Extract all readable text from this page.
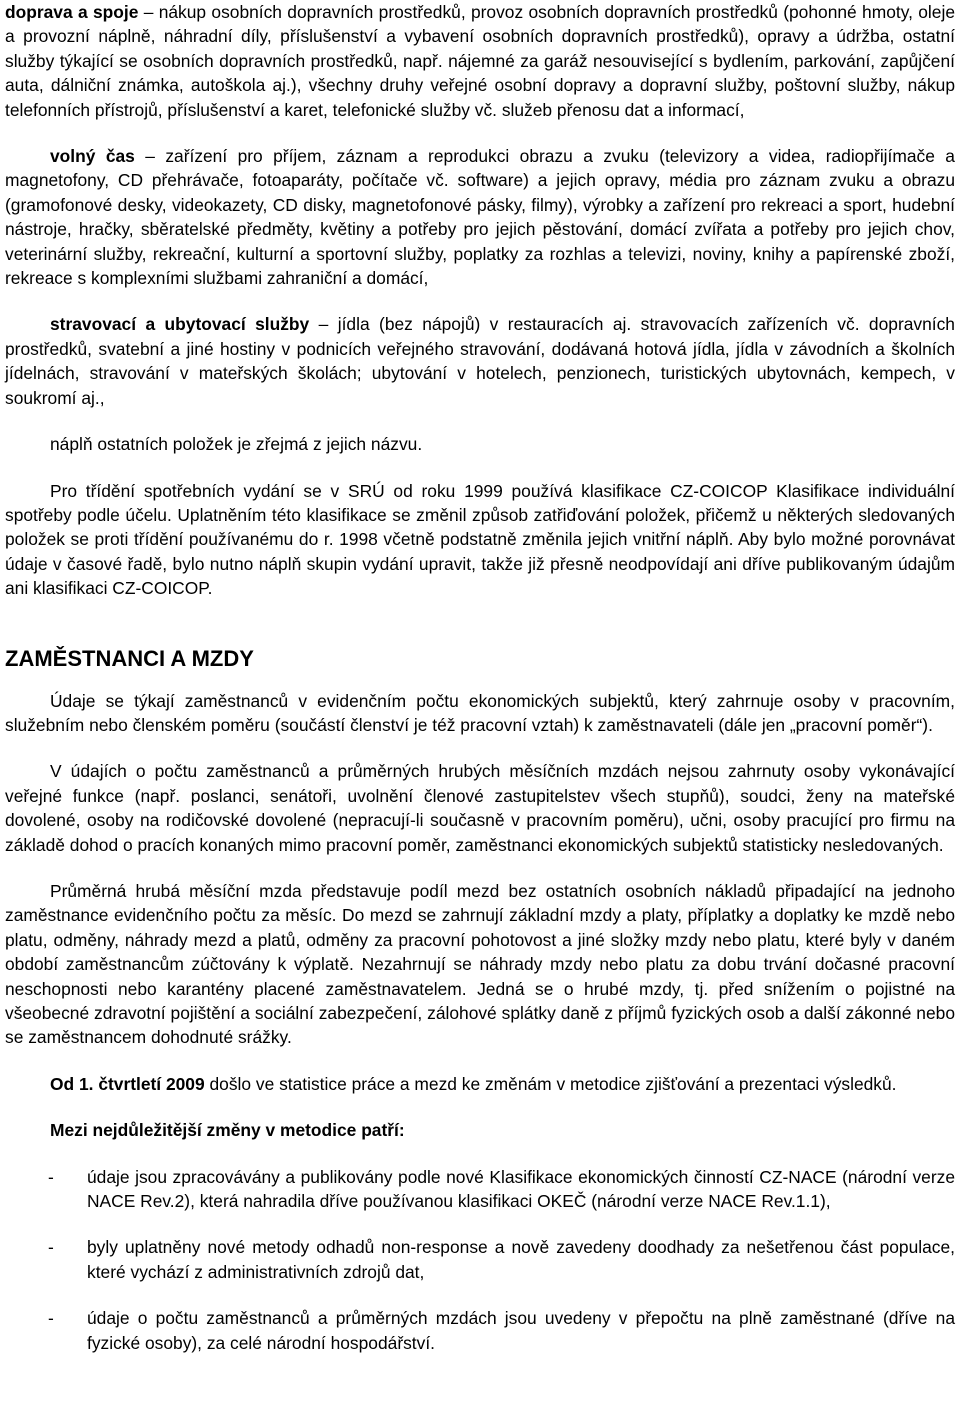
doprava a spoje – nákup osobních dopravních prostředků, provoz osobních dopravních prostředků (pohonné hmoty, oleje a provozní náplně, náhradní díly, příslušenství a vybavení osobních dopravních prostředků), opravy a údržba, ostatní služby týkající se osobních dopravních prostředků, např. nájemné za garáž nesouvisející s bydlením, parkování, zapůjčení auta, dálniční známka, autoškola aj.), všechny druhy veřejné osobní dopravy a dopravní služby, poštovní služby, nákup telefonních přístrojů, příslušenství a karet, telefonické služby vč. služeb přenosu dat a informací,

volný čas – zařízení pro příjem, záznam a reprodukci obrazu a zvuku (televizory a videa, radiopřijímače a magnetofony, CD přehrávače, fotoaparáty, počítače vč. software) a jejich opravy, média pro záznam zvuku a obrazu (gramofonové desky, videokazety, CD disky, magnetofonové pásky, filmy), výrobky a zařízení pro rekreaci a sport, hudební nástroje, hračky, sběratelské předměty, květiny a potřeby pro jejich pěstování, domácí zvířata a potřeby pro jejich chov, veterinární služby, rekreační, kulturní a sportovní služby, poplatky za rozhlas a televizi, noviny, knihy a papírenské zboží, rekreace s komplexními službami zahraniční a domácí,

stravovací a ubytovací služby – jídla (bez nápojů) v restauracích aj. stravovacích zařízeních vč. dopravních prostředků, svatební a jiné hostiny v podnicích veřejného stravování, dodávaná hotová jídla, jídla v závodních a školních jídelnách, stravování v mateřských školách; ubytování v hotelech, penzionech, turistických ubytovnách, kempech, v soukromí aj.,

náplň ostatních položek je zřejmá z jejich názvu.

Pro třídění spotřebních vydání se v SRÚ od roku 1999 používá klasifikace CZ-COICOP Klasifikace individuální spotřeby podle účelu. Uplatněním této klasifikace se změnil způsob zatřiďování položek, přičemž u některých sledovaných položek se proti třídění používanému do r. 1998 včetně podstatně změnila jejich vnitřní náplň. Aby bylo možné porovnávat údaje v časové řadě, bylo nutno náplň skupin vydání upravit, takže již přesně neodpovídají ani dříve publikovaným údajům ani klasifikaci CZ-COICOP.

ZAMĚSTNANCI A MZDY

Údaje se týkají zaměstnanců v evidenčním počtu ekonomických subjektů, který zahrnuje osoby v pracovním, služebním nebo členském poměru (součástí členství je též pracovní vztah) k zaměstnavateli (dále jen „pracovní poměr“).

V údajích o počtu zaměstnanců a průměrných hrubých měsíčních mzdách nejsou zahrnuty osoby vykonávající veřejné funkce (např. poslanci, senátoři, uvolnění členové zastupitelstev všech stupňů), soudci, ženy na mateřské dovolené, osoby na rodičovské dovolené (nepracují-li současně v pracovním poměru), učni, osoby pracující pro firmu na základě dohod o pracích konaných mimo pracovní poměr, zaměstnanci ekonomických subjektů statisticky nesledovaných.

Průměrná hrubá měsíční mzda představuje podíl mezd bez ostatních osobních nákladů připadající na jednoho zaměstnance evidenčního počtu za měsíc. Do mezd se zahrnují základní mzdy a platy, příplatky a doplatky ke mzdě nebo platu, odměny, náhrady mezd a platů, odměny za pracovní pohotovost a jiné složky mzdy nebo platu, které byly v daném období zaměstnancům zúčtovány k výplatě. Nezahrnují se náhrady mzdy nebo platu za dobu trvání dočasné pracovní neschopnosti nebo karantény placené zaměstnavatelem. Jedná se o hrubé mzdy, tj. před snížením o pojistné na všeobecné zdravotní pojištění a sociální zabezpečení, zálohové splátky daně z příjmů fyzických osob a další zákonné nebo se zaměstnancem dohodnuté srážky.

Od 1. čtvrtletí 2009 došlo ve statistice práce a mezd ke změnám v metodice zjišťování a prezentaci výsledků.

Mezi nejdůležitější změny v metodice patří:

- údaje jsou zpracovávány a publikovány podle nové Klasifikace ekonomických činností CZ-NACE (národní verze NACE Rev.2), která nahradila dříve používanou klasifikaci OKEČ (národní verze NACE Rev.1.1),
- byly uplatněny nové metody odhadů non-response a nově zavedeny doodhady za nešetřenou část populace, které vychází z administrativních zdrojů dat,
- údaje o počtu zaměstnanců a průměrných mzdách jsou uvedeny v přepočtu na plně zaměstnané (dříve na fyzické osoby), za celé národní hospodářství.
